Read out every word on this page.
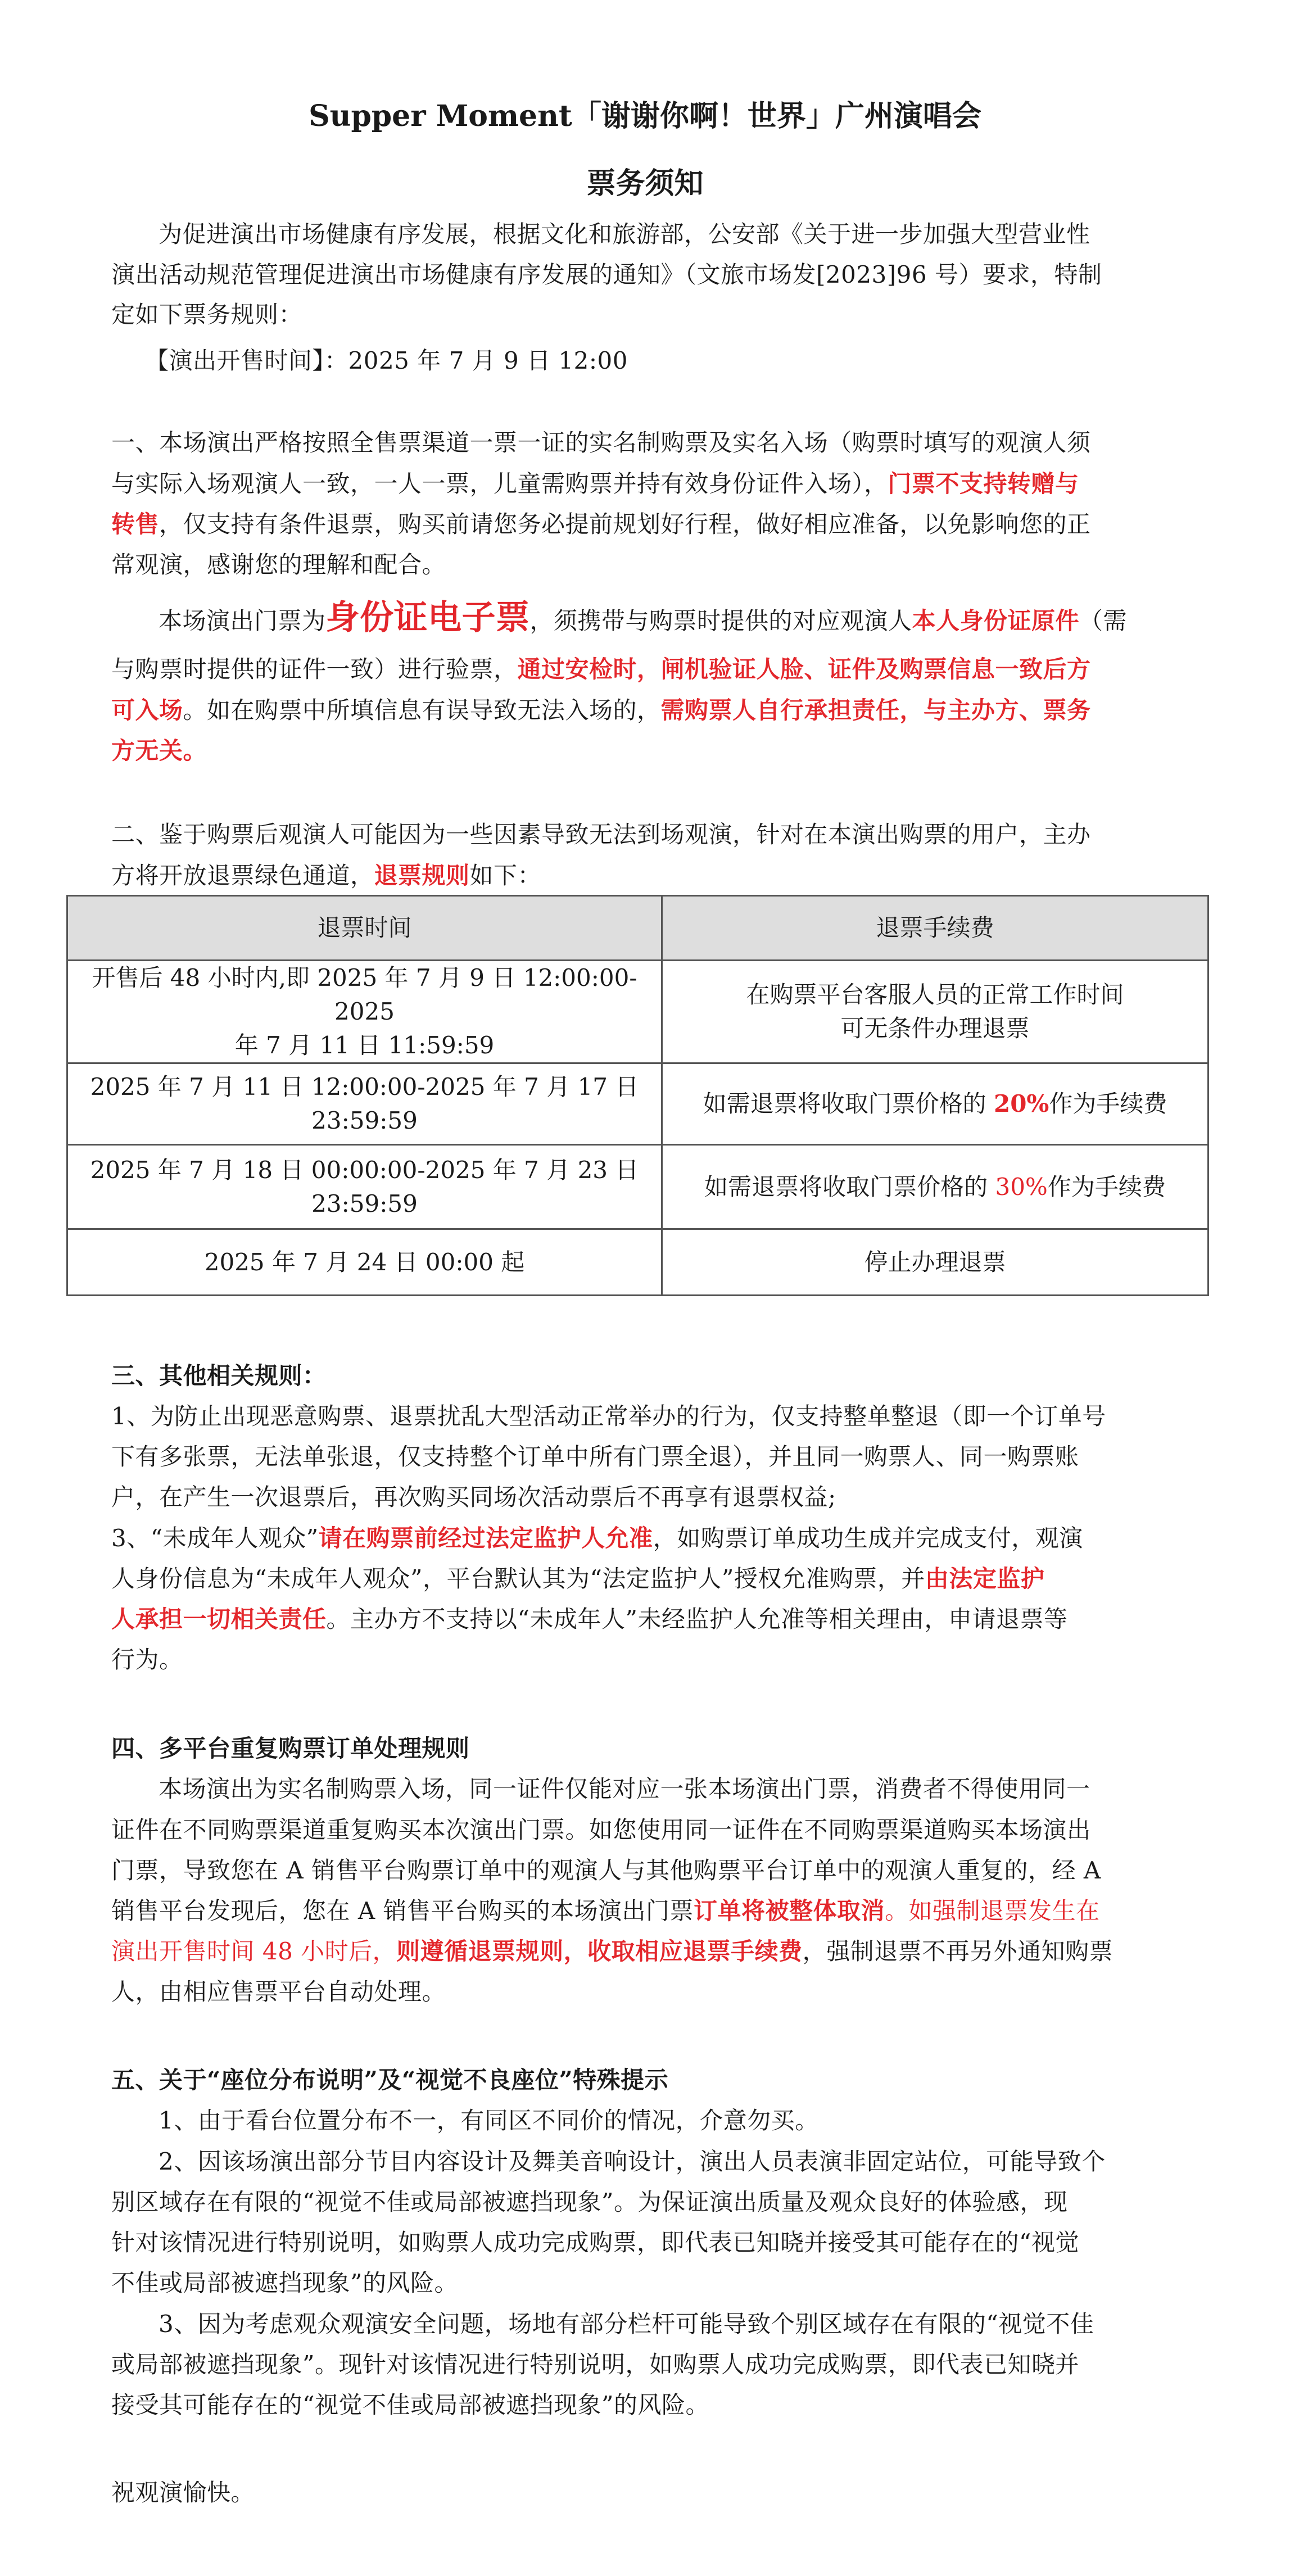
Supper Moment「谢谢你啊！世界」广州演唱会
票务须知
为促进演出市场健康有序发展，根据文化和旅游部，公安部《关于进一步加强大型营业性
演出活动规范管理促进演出市场健康有序发展的通知》（文旅市场发[2023]96 号）要求，特制
定如下票务规则：
【演出开售时间】：2025 年 7 月 9 日 12:00
一、本场演出严格按照全售票渠道一票一证的实名制购票及实名入场（购票时填写的观演人须
与实际入场观演人一致，一人一票，儿童需购票并持有效身份证件入场），门票不支持转赠与
转售，仅支持有条件退票，购买前请您务必提前规划好行程，做好相应准备，以免影响您的正
常观演，感谢您的理解和配合。
本场演出门票为身份证电子票，须携带与购票时提供的对应观演人本人身份证原件（需
与购票时提供的证件一致）进行验票，通过安检时，闸机验证人脸、证件及购票信息一致后方
可入场。如在购票中所填信息有误导致无法入场的，需购票人自行承担责任，与主办方、票务
方无关。
二、鉴于购票后观演人可能因为一些因素导致无法到场观演，针对在本演出购票的用户，主办
方将开放退票绿色通道，退票规则如下：
退票时间	退票手续费
开售后 48 小时内,即 2025 年 7 月 9 日 12:00:00-2025
年 7 月 11 日 11:59:59	在购票平台客服人员的正常工作时间
可无条件办理退票
2025 年 7 月 11 日 12:00:00-2025 年 7 月 17 日
23:59:59	如需退票将收取门票价格的 20%作为手续费
2025 年 7 月 18 日 00:00:00-2025 年 7 月 23 日
23:59:59	如需退票将收取门票价格的 30%作为手续费
2025 年 7 月 24 日 00:00 起	停止办理退票
三、其他相关规则：
1、为防止出现恶意购票、退票扰乱大型活动正常举办的行为，仅支持整单整退（即一个订单号
下有多张票，无法单张退，仅支持整个订单中所有门票全退），并且同一购票人、同一购票账
户，在产生一次退票后，再次购买同场次活动票后不再享有退票权益;
3、“未成年人观众”请在购票前经过法定监护人允准，如购票订单成功生成并完成支付，观演
人身份信息为“未成年人观众”，平台默认其为“法定监护人”授权允准购票，并由法定监护
人承担一切相关责任。主办方不支持以“未成年人”未经监护人允准等相关理由，申请退票等
行为。
四、多平台重复购票订单处理规则
本场演出为实名制购票入场，同一证件仅能对应一张本场演出门票，消费者不得使用同一
证件在不同购票渠道重复购买本次演出门票。如您使用同一证件在不同购票渠道购买本场演出
门票，导致您在 A 销售平台购票订单中的观演人与其他购票平台订单中的观演人重复的，经 A
销售平台发现后，您在 A 销售平台购买的本场演出门票订单将被整体取消。如强制退票发生在
演出开售时间 48 小时后，则遵循退票规则，收取相应退票手续费，强制退票不再另外通知购票
人，由相应售票平台自动处理。
五、关于“座位分布说明”及“视觉不良座位”特殊提示
1、由于看台位置分布不一，有同区不同价的情况，介意勿买。
2、因该场演出部分节目内容设计及舞美音响设计，演出人员表演非固定站位，可能导致个
别区域存在有限的“视觉不佳或局部被遮挡现象”。为保证演出质量及观众良好的体验感，现
针对该情况进行特别说明，如购票人成功完成购票，即代表已知晓并接受其可能存在的“视觉
不佳或局部被遮挡现象”的风险。
3、因为考虑观众观演安全问题，场地有部分栏杆可能导致个别区域存在有限的“视觉不佳
或局部被遮挡现象”。现针对该情况进行特别说明，如购票人成功完成购票，即代表已知晓并
接受其可能存在的“视觉不佳或局部被遮挡现象”的风险。
祝观演愉快。
